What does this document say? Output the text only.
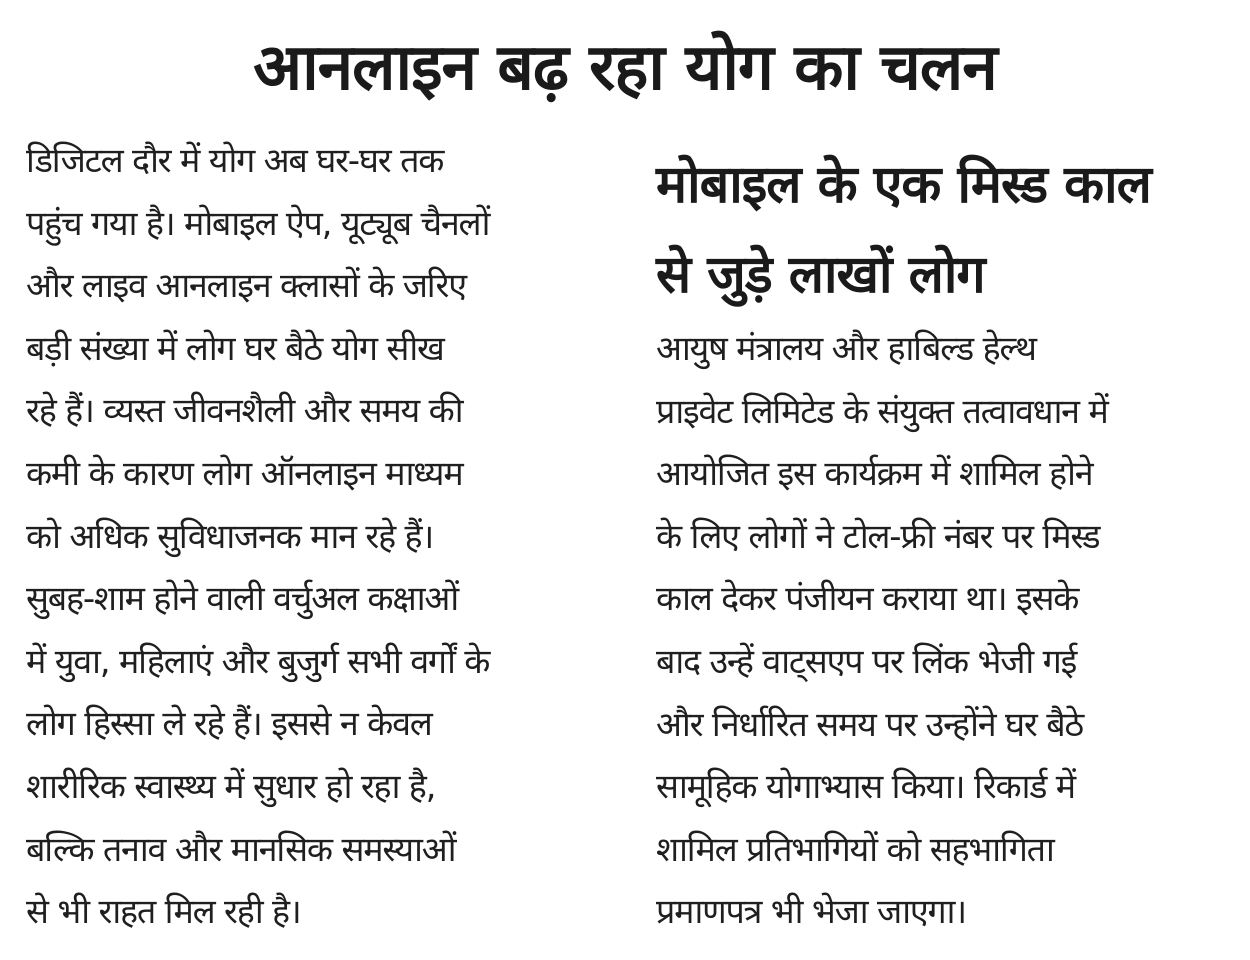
आनलाइन बढ़ रहा योग का चलन

डिजिटल दौर में योग अब घर-घर तक
पहुंच गया है। मोबाइल ऐप, यूट्यूब चैनलों
और लाइव आनलाइन क्लासों के जरिए
बड़ी संख्या में लोग घर बैठे योग सीख
रहे हैं। व्यस्त जीवनशैली और समय की
कमी के कारण लोग ऑनलाइन माध्यम
को अधिक सुविधाजनक मान रहे हैं।
सुबह-शाम होने वाली वर्चुअल कक्षाओं
में युवा, महिलाएं और बुजुर्ग सभी वर्गों के
लोग हिस्सा ले रहे हैं। इससे न केवल
शारीरिक स्वास्थ्य में सुधार हो रहा है,
बल्कि तनाव और मानसिक समस्याओं
से भी राहत मिल रही है।

मोबाइल के एक मिस्ड काल
से जुड़े लाखों लोग

आयुष मंत्रालय और हाबिल्ड हेल्थ
प्राइवेट लिमिटेड के संयुक्त तत्वावधान में
आयोजित इस कार्यक्रम में शामिल होने
के लिए लोगों ने टोल-फ्री नंबर पर मिस्ड
काल देकर पंजीयन कराया था। इसके
बाद उन्हें वाट्सएप पर लिंक भेजी गई
और निर्धारित समय पर उन्होंने घर बैठे
सामूहिक योगाभ्यास किया। रिकार्ड में
शामिल प्रतिभागियों को सहभागिता
प्रमाणपत्र भी भेजा जाएगा।
